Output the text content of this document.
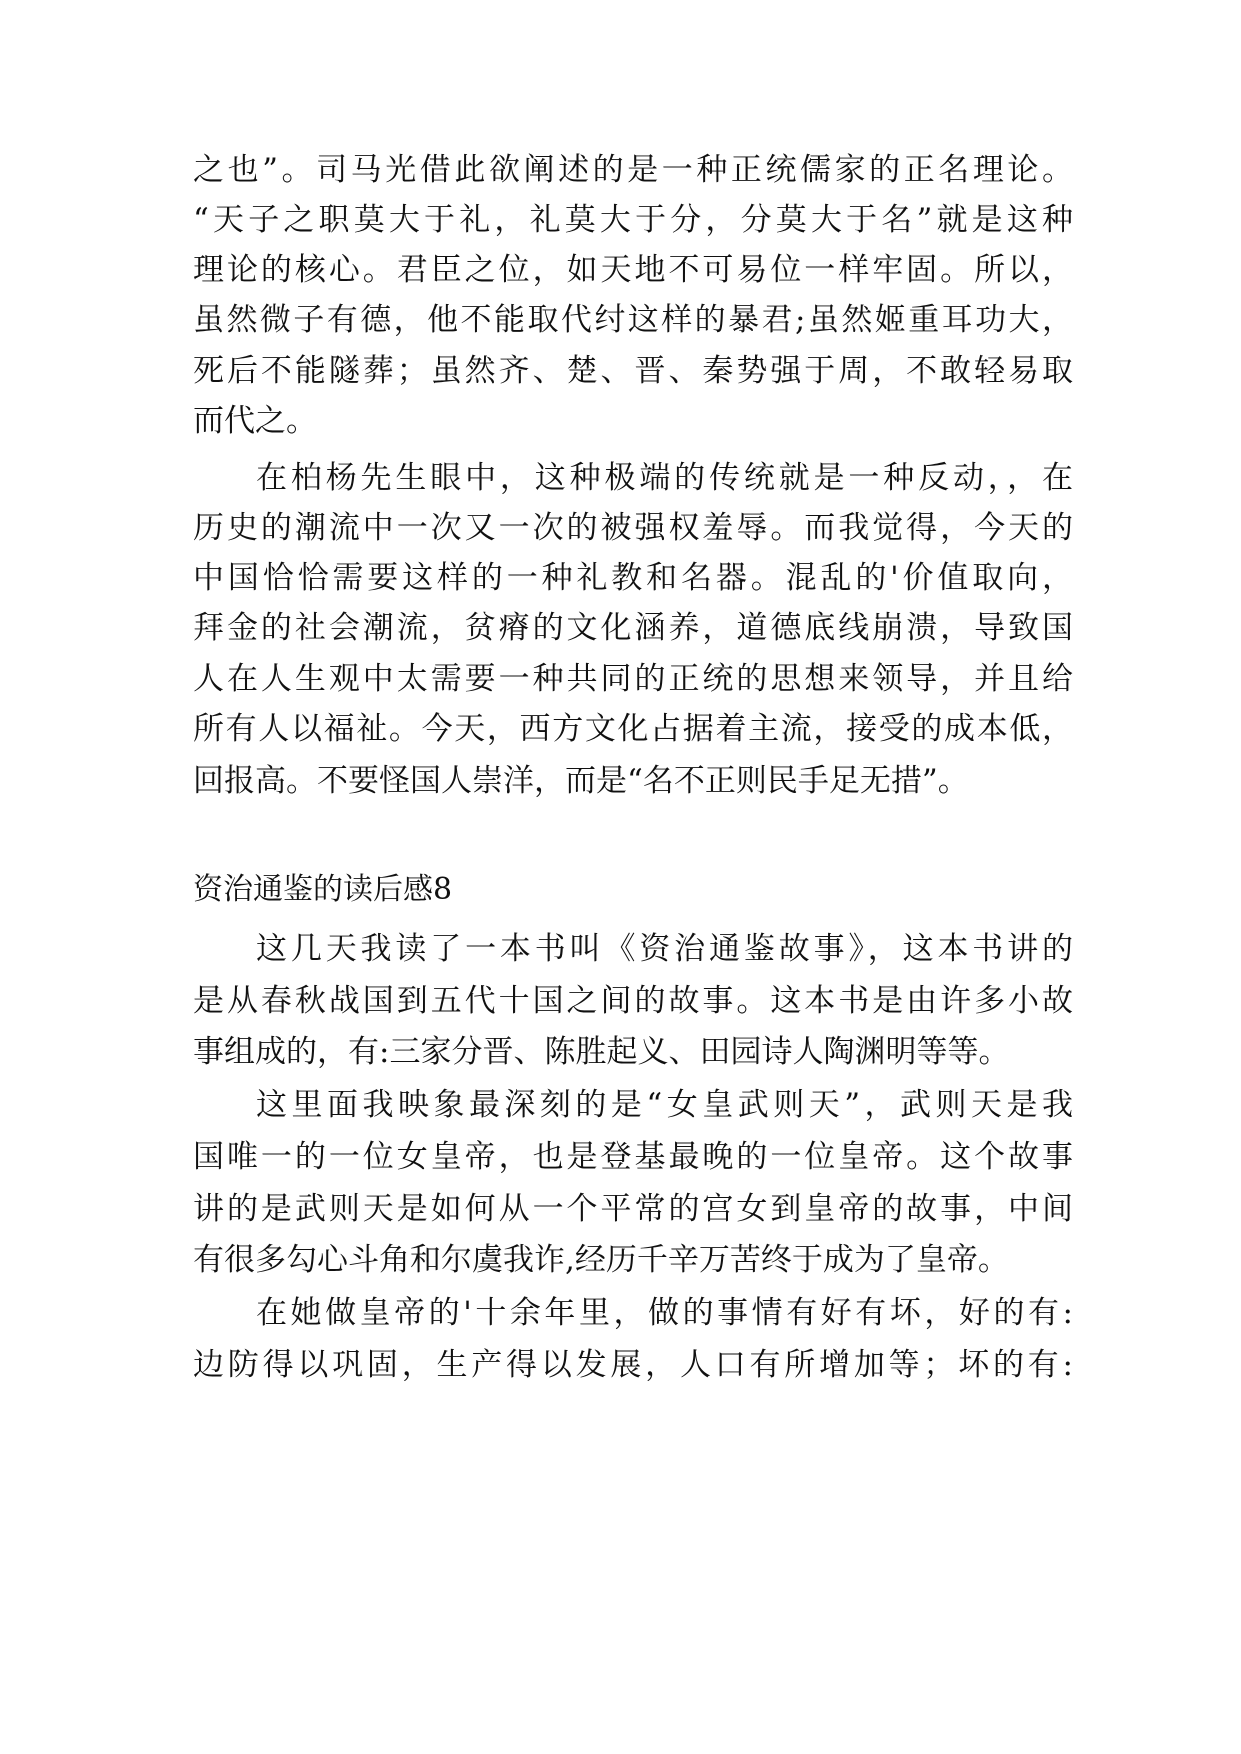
之也”。司马光借此欲阐述的是一种正统儒家的正名理论。

“天子之职莫大于礼，礼莫大于分，分莫大于名”就是这种

理论的核心。君臣之位，如天地不可易位一样牢固。所以，

虽然微子有德，他不能取代纣这样的暴君;虽然姬重耳功大，

死后不能隧葬；虽然齐、楚、晋、秦势强于周，不敢轻易取

而代之。

在柏杨先生眼中，这种极端的传统就是一种反动，，在

历史的潮流中一次又一次的被强权羞辱。而我觉得，今天的

中国恰恰需要这样的一种礼教和名器。混乱的'价值取向，

拜金的社会潮流，贫瘠的文化涵养，道德底线崩溃，导致国

人在人生观中太需要一种共同的正统的思想来领导，并且给

所有人以福祉。今天，西方文化占据着主流，接受的成本低，

回报高。不要怪国人崇洋，而是“名不正则民手足无措”。

资治通鉴的读后感8

这几天我读了一本书叫《资治通鉴故事》，这本书讲的

是从春秋战国到五代十国之间的故事。这本书是由许多小故

事组成的，有:三家分晋、陈胜起义、田园诗人陶渊明等等。

这里面我映象最深刻的是“女皇武则天”，武则天是我

国唯一的一位女皇帝，也是登基最晚的一位皇帝。这个故事

讲的是武则天是如何从一个平常的宫女到皇帝的故事，中间

有很多勾心斗角和尔虞我诈,经历千辛万苦终于成为了皇帝。

在她做皇帝的'十余年里，做的事情有好有坏，好的有:

边防得以巩固，生产得以发展，人口有所增加等；坏的有:
